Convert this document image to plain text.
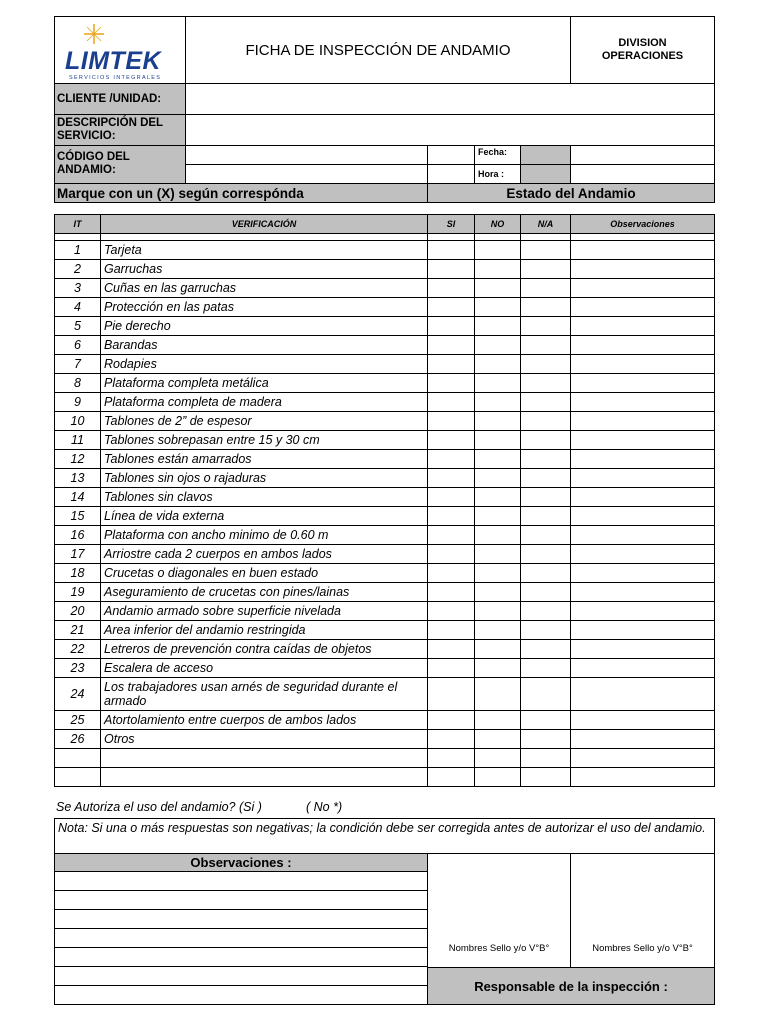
LIMTEK
SERVICIOS INTEGRALES
FICHA DE INSPECCIÓN DE ANDAMIO	DIVISION
OPERACIONES
CLIENTE /UNIDAD:
DESCRIPCIÓN DEL SERVICIO:
CÓDIGO DEL ANDAMIO:
Fecha:
Hora :
Marque con un (X) según correspónda	Estado del Andamio
IT	VERIFICACIÓN	SI	NO	N/A	Observaciones
1	Tarjeta
2	Garruchas
3	Cuñas en las garruchas
4	Protección en las patas
5	Pie derecho
6	Barandas
7	Rodapies
8	Plataforma completa metálica
9	Plataforma completa de madera
10	Tablones de 2” de espesor
11	Tablones sobrepasan entre 15 y 30 cm
12	Tablones están amarrados
13	Tablones sin ojos o rajaduras
14	Tablones sin clavos
15	Línea de vida externa
16	Plataforma con ancho minimo de 0.60 m
17	Arriostre cada 2 cuerpos en ambos lados
18	Crucetas o diagonales en buen estado
19	Aseguramiento de crucetas con pines/lainas
20	Andamio armado sobre superficie nivelada
21	Area inferior del andamio restringida
22	Letreros de prevención contra caídas de objetos
23	Escalera de acceso
24	Los trabajadores usan arnés de seguridad durante el armado
25	Atortolamiento entre cuerpos de ambos lados
26	Otros
Se Autoriza el uso del andamio? (Si )	( No *)
Nota: Si una o más respuestas son negativas; la condición debe ser corregida antes de autorizar el uso del andamio.
Observaciones :
Nombres Sello y/o V°B°	Nombres Sello y/o V°B°
Responsable de la inspección :
